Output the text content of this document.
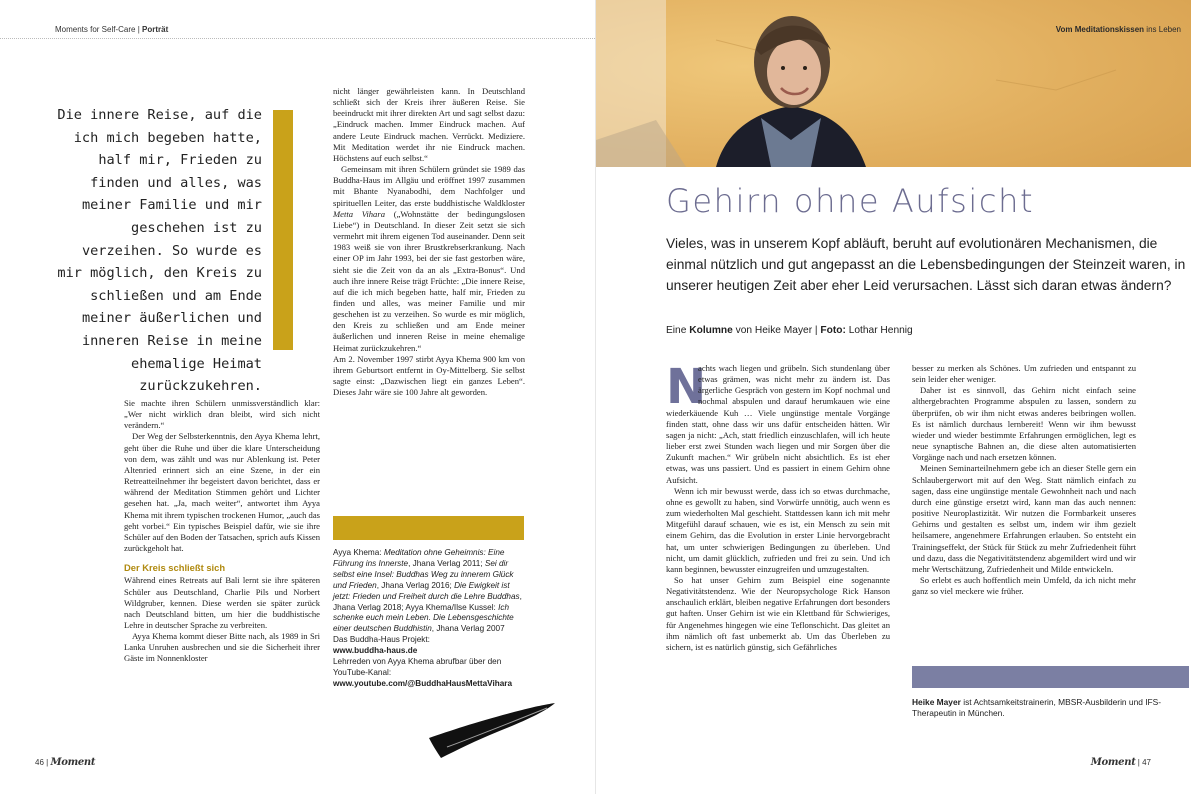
Moments for Self-Care | Porträt
Die innere Reise, auf die ich mich begeben hatte, half mir, Frieden zu finden und alles, was meiner Familie und mir geschehen ist zu verzeihen. So wurde es mir möglich, den Kreis zu schließen und am Ende meiner äußerlichen und inneren Reise in meine ehemalige Heimat zurückzukehren.

Sie machte ihren Schülern unmissverständlich klar: „Wer nicht wirklich dran bleibt, wird sich nicht verändern.“

Der Weg der Selbsterkenntnis, den Ayya Khema lehrt, geht über die Ruhe und über die klare Unterscheidung von dem, was zählt und was nur Ablenkung ist. Peter Altenried erinnert sich an eine Szene, in der ein Retreatteilnehmer ihr begeistert davon berichtet, dass er während der Meditation Stimmen gehört und Lichter gesehen hat. „Ja, mach weiter“, antwortet ihm Ayya Khema mit ihrem typischen trockenen Humor, „auch das geht vorbei.“ Ein typisches Beispiel dafür, wie sie ihre Schüler auf den Boden der Tatsachen, sprich aufs Kissen zurückgeholt hat.

Der Kreis schließt sich

Während eines Retreats auf Bali lernt sie ihre späteren Schüler aus Deutschland, Charlie Pils und Norbert Wildgruber, kennen. Diese werden sie später zurück nach Deutschland bitten, um hier die buddhistische Lehre in deutscher Sprache zu verbreiten.

Ayya Khema kommt dieser Bitte nach, als 1989 in Sri Lanka Unruhen ausbrechen und sie die Sicherheit ihrer Gäste im Nonnenkloster

nicht länger gewährleisten kann. In Deutschland schließt sich der Kreis ihrer äußeren Reise. Sie beeindruckt mit ihrer direkten Art und sagt selbst dazu: „Eindruck machen. Immer Eindruck machen. Auf andere Leute Eindruck machen. Verrückt. Mediziere. Mit Meditation werdet ihr nie Eindruck machen. Höchstens auf euch selbst.“

Gemeinsam mit ihren Schülern gründet sie 1989 das Buddha-Haus im Allgäu und eröffnet 1997 zusammen mit Bhante Nyanabodhi, dem Nachfolger und spirituellen Leiter, das erste buddhistische Waldkloster Metta Vihara („Wohnstätte der bedingungslosen Liebe“) in Deutschland. In dieser Zeit setzt sie sich vermehrt mit ihrem eigenen Tod auseinander. Denn seit 1983 weiß sie von ihrer Brustkrebserkrankung. Nach einer OP im Jahr 1993, bei der sie fast gestorben wäre, sieht sie die Zeit von da an als „Extra-Bonus“. Und auch ihre innere Reise trägt Früchte: „Die innere Reise, auf die ich mich begeben hatte, half mir, Frieden zu finden und alles, was meiner Familie und mir geschehen ist zu verzeihen. So wurde es mir möglich, den Kreis zu schließen und am Ende meiner äußerlichen und inneren Reise in meine ehemalige Heimat zurückzukehren.“

Am 2. November 1997 stirbt Ayya Khema 900 km von ihrem Geburtsort entfernt in Oy-Mittelberg. Sie selbst sagte einst: „Dazwischen liegt ein ganzes Leben“. Dieses Jahr wäre sie 100 Jahre alt geworden.

Ayya Khema: Meditation ohne Geheimnis: Eine Führung ins Innerste, Jhana Verlag 2011; Sei dir selbst eine Insel: Buddhas Weg zu innerem Glück und Frieden, Jhana Verlag 2016; Die Ewigkeit ist jetzt: Frieden und Freiheit durch die Lehre Buddhas, Jhana Verlag 2018; Ayya Khema/Ilse Kussel: Ich schenke euch mein Leben. Die Lebensgeschichte einer deutschen Buddhistin, Jhana Verlag 2007
Das Buddha-Haus Projekt:
www.buddha-haus.de
Lehrreden von Ayya Khema abrufbar über den YouTube-Kanal: www.youtube.com/@BuddhaHausMettaVihara
46 | Moment
Vom Meditationskissen ins Leben
Gehirn ohne Aufsicht
Vieles, was in unserem Kopf abläuft, beruht auf evolutionären Mechanismen, die einmal nützlich und gut angepasst an die Lebensbedingungen der Steinzeit waren, in unserer heutigen Zeit aber eher Leid verursachen. Lässt sich daran etwas ändern?
Eine Kolumne von Heike Mayer | Foto: Lothar Hennig
N

achts wach liegen und grübeln. Sich stundenlang über etwas grämen, was nicht mehr zu ändern ist. Das ärgerliche Gespräch von gestern im Kopf nochmal und nochmal abspulen und darauf herumkauen wie eine wiederkäuende Kuh … Viele ungünstige mentale Vorgänge finden statt, ohne dass wir uns dafür entscheiden hätten. Wir sagen ja nicht: „Ach, statt friedlich einzuschlafen, will ich heute lieber erst zwei Stunden wach liegen und mir Sorgen über die Zukunft machen.“ Wir grübeln nicht absichtlich. Es ist eher etwas, was uns passiert. Und es passiert in einem Gehirn ohne Aufsicht.

Wenn ich mir bewusst werde, dass ich so etwas durchmache, ohne es gewollt zu haben, sind Vorwürfe unnötig, auch wenn es zum wiederholten Mal geschieht. Stattdessen kann ich mit mehr Mitgefühl darauf schauen, wie es ist, ein Mensch zu sein mit einem Gehirn, das die Evolution in erster Linie hervorgebracht hat, um unter schwierigen Bedingungen zu überleben. Und nicht, um damit glücklich, zufrieden und frei zu sein. Und ich kann beginnen, bewusster einzugreifen und umzugestalten.

So hat unser Gehirn zum Beispiel eine sogenannte Negativitätstendenz. Wie der Neuropsychologe Rick Hanson anschaulich erklärt, bleiben negative Erfahrungen dort besonders gut haften. Unser Gehirn ist wie ein Klettband für Schwieriges, für Angenehmes hingegen wie eine Teflonschicht. Das gleitet an ihm nämlich oft fast unbemerkt ab. Um das Überleben zu sichern, ist es natürlich günstig, sich Gefährliches

besser zu merken als Schönes. Um zufrieden und entspannt zu sein leider eher weniger.

Daher ist es sinnvoll, das Gehirn nicht einfach seine althergebrachten Programme abspulen zu lassen, sondern zu überprüfen, ob wir ihm nicht etwas anderes beibringen wollen. Es ist nämlich durchaus lernbereit! Wenn wir ihm bewusst wieder und wieder bestimmte Erfahrungen ermöglichen, legt es neue synaptische Bahnen an, die diese alten automatisierten Vorgänge nach und nach ersetzen können.

Meinen Seminarteilnehmern gebe ich an dieser Stelle gern ein Schlaubergerwort mit auf den Weg. Statt nämlich einfach zu sagen, dass eine ungünstige mentale Gewohnheit nach und nach durch eine günstige ersetzt wird, kann man das auch nennen: positive Neuroplastizität. Wir nutzen die Formbarkeit unseres Gehirns und gestalten es selbst um, indem wir ihm gezielt heilsamere, angenehmere Erfahrungen erlauben. So entsteht ein Trainingseffekt, der Stück für Stück zu mehr Zufriedenheit führt und dazu, dass die Negativitätstendenz abgemildert wird und wir mehr Wertschätzung, Zufriedenheit und Milde entwickeln.

So erlebt es auch hoffentlich mein Umfeld, da ich nicht mehr ganz so viel meckere wie früher.

Heike Mayer ist Achtsamkeitstrainerin, MBSR-Ausbilderin und IFS-Therapeutin in München.
Moment | 47
